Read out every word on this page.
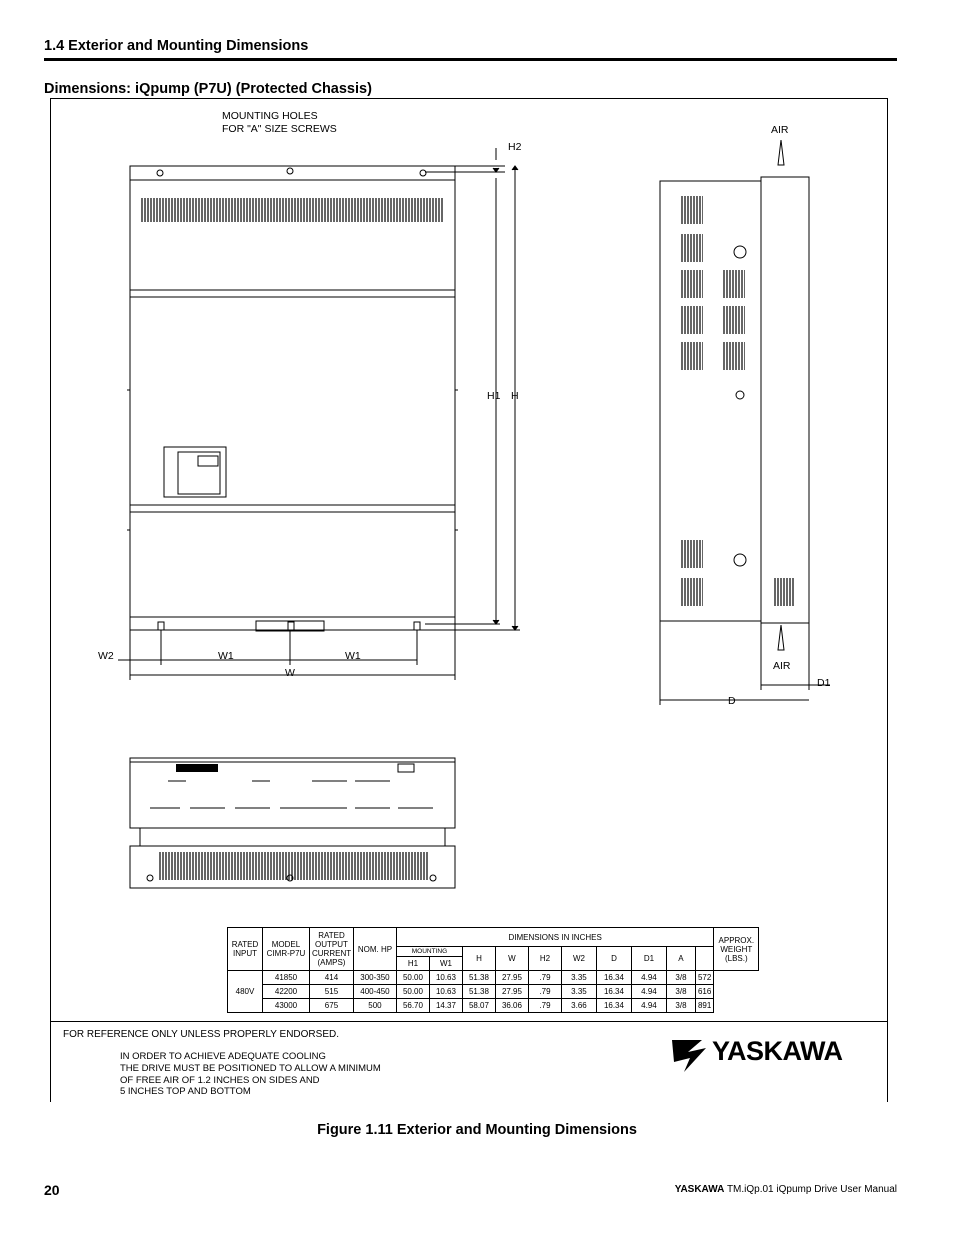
1.4 Exterior and Mounting Dimensions
Dimensions: iQpump (P7U) (Protected Chassis)
MOUNTING HOLES
FOR "A" SIZE SCREWS
H2
H1 H
W2	W1	W1
W
AIR
AIR
D1
D
RATED INPUT	MODEL CIMR-P7U	RATED OUTPUT CURRENT (AMPS)	NOM. HP	DIMENSIONS IN INCHES										APPROX. WEIGHT (LBS.)
				MOUNTING		H	W	H2	W2	D	D1	A		
				H1	W1									
480V	41850	414	300-350	50.00	10.63	51.38	27.95	.79	3.35	16.34	4.94	3/8	572	
	42200	515	400-450	50.00	10.63	51.38	27.95	.79	3.35	16.34	4.94	3/8	616	
	43000	675	500	56.70	14.37	58.07	36.06	.79	3.66	16.34	4.94	3/8	891	
FOR REFERENCE ONLY UNLESS PROPERLY ENDORSED.
IN ORDER TO ACHIEVE ADEQUATE COOLING
THE DRIVE MUST BE POSITIONED TO ALLOW A MINIMUM
OF FREE AIR OF 1.2 INCHES ON SIDES AND
5 INCHES TOP AND BOTTOM
YASKAWA
Figure 1.11 Exterior and Mounting Dimensions
20	YASKAWA TM.iQp.01 iQpump Drive User Manual
